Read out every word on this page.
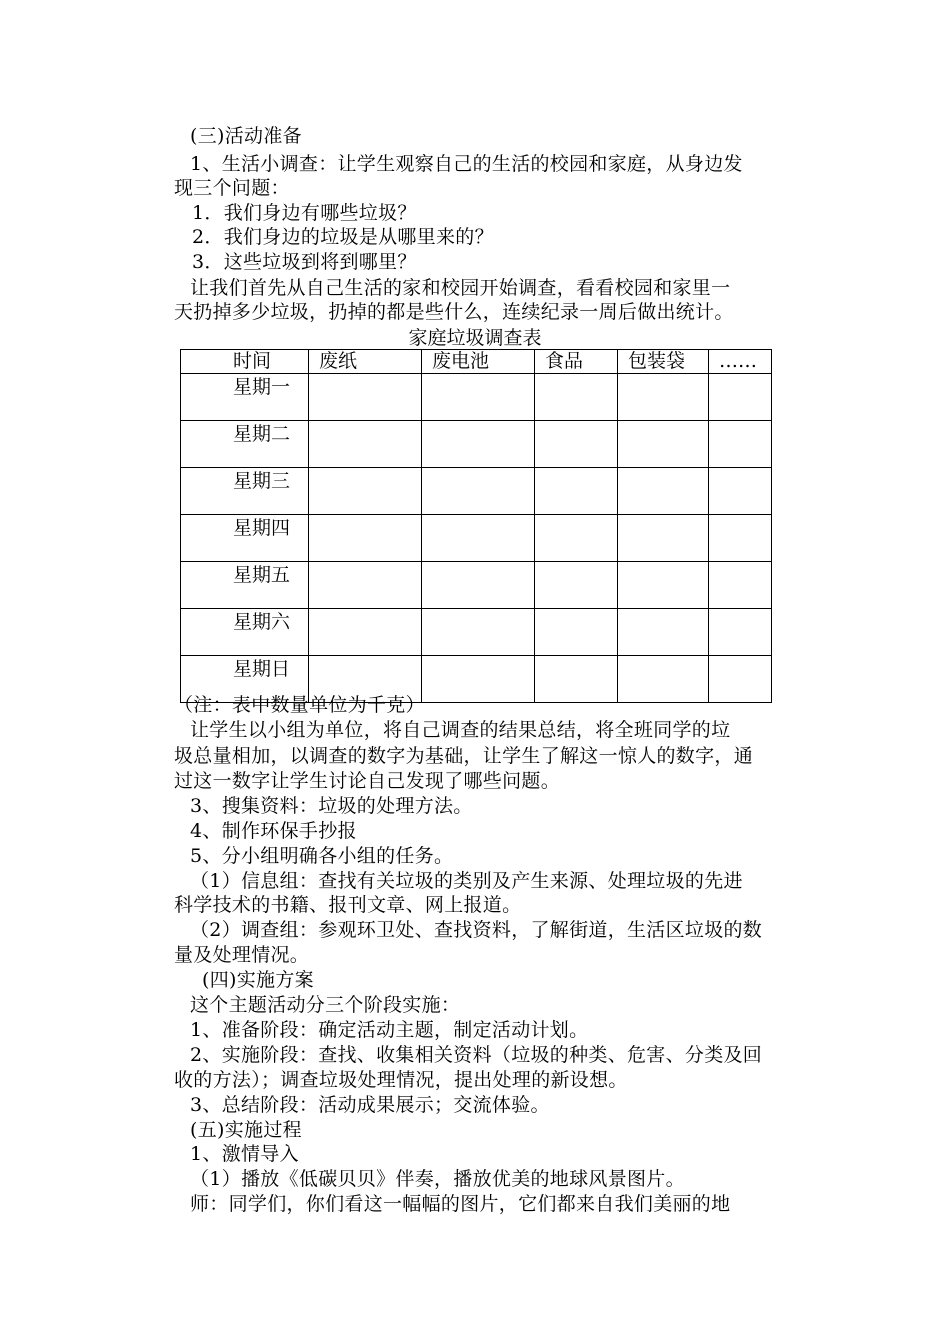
(三)活动准备
1、生活小调查：让学生观察自己的生活的校园和家庭，从身边发
现三个问题：
1．我们身边有哪些垃圾？
2．我们身边的垃圾是从哪里来的？
3．这些垃圾到将到哪里？
让我们首先从自己生活的家和校园开始调查，看看校园和家里一
天扔掉多少垃圾，扔掉的都是些什么，连续纪录一周后做出统计。
家庭垃圾调查表
时间	废纸	废电池	食品	包装袋	……
星期一					
星期二					
星期三					
星期四					
星期五					
星期六					
星期日					
（注：表中数量单位为千克）
让学生以小组为单位，将自己调查的结果总结，将全班同学的垃
圾总量相加，以调查的数字为基础，让学生了解这一惊人的数字，通
过这一数字让学生讨论自己发现了哪些问题。
3、搜集资料：垃圾的处理方法。
4、制作环保手抄报
5、分小组明确各小组的任务。
（1）信息组：查找有关垃圾的类别及产生来源、处理垃圾的先进
科学技术的书籍、报刊文章、网上报道。
（2）调查组：参观环卫处、查找资料，了解街道，生活区垃圾的数
量及处理情况。
(四)实施方案
这个主题活动分三个阶段实施：
1、准备阶段：确定活动主题，制定活动计划。
2、实施阶段：查找、收集相关资料（垃圾的种类、危害、分类及回
收的方法）；调查垃圾处理情况，提出处理的新设想。
3、总结阶段：活动成果展示；交流体验。
(五)实施过程
1、激情导入
（1）播放《低碳贝贝》伴奏，播放优美的地球风景图片。
师：同学们，你们看这一幅幅的图片，它们都来自我们美丽的地
